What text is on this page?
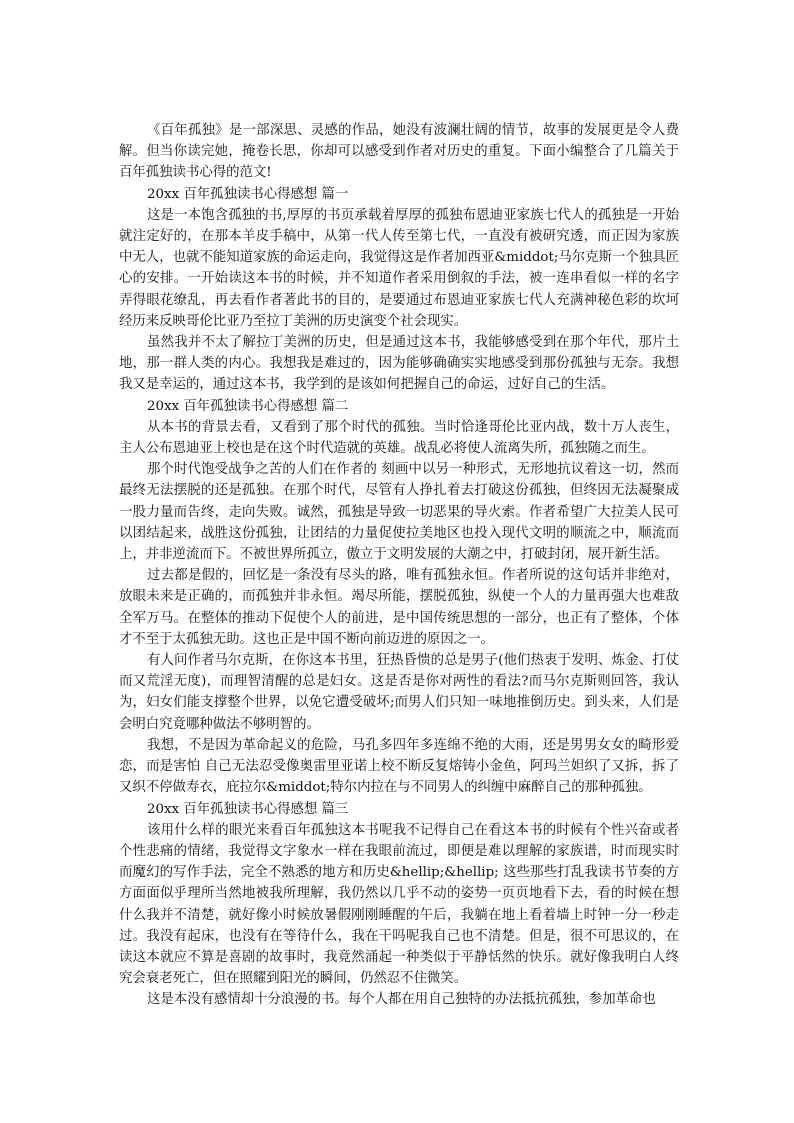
《百年孤独》是一部深思、灵感的作品，她没有波澜壮阔的情节，故事的发展更是令人费解。但当你读完她，掩卷长思，你却可以感受到作者对历史的重复。下面小编整合了几篇关于百年孤独读书心得的范文!

20xx 百年孤独读书心得感想 篇一

这是一本饱含孤独的书,厚厚的书页承载着厚厚的孤独布恩迪亚家族七代人的孤独是一开始就注定好的，在那本羊皮手稿中，从第一代人传至第七代，一直没有被研究透，而正因为家族中无人，也就不能知道家族的命运走向，我觉得这是作者加西亚&middot;马尔克斯一个独具匠心的安排。一开始读这本书的时候，并不知道作者采用倒叙的手法，被一连串看似一样的名字弄得眼花缭乱，再去看作者著此书的目的，是要通过布恩迪亚家族七代人充满神秘色彩的坎坷经历来反映哥伦比亚乃至拉丁美洲的历史演变个社会现实。

虽然我并不太了解拉丁美洲的历史，但是通过这本书，我能够感受到在那个年代，那片土地，那一群人类的内心。我想我是难过的，因为能够确确实实地感受到那份孤独与无奈。我想我又是幸运的，通过这本书，我学到的是该如何把握自己的命运，过好自己的生活。

20xx 百年孤独读书心得感想 篇二

从本书的背景去看，又看到了那个时代的孤独。当时恰逢哥伦比亚内战，数十万人丧生，主人公布恩迪亚上校也是在这个时代造就的英雄。战乱必将使人流离失所，孤独随之而生。

那个时代饱受战争之苦的人们在作者的 刻画中以另一种形式，无形地抗议着这一切，然而最终无法摆脱的还是孤独。在那个时代，尽管有人挣扎着去打破这份孤独，但终因无法凝聚成一股力量而告终，走向失败。诚然，孤独是导致一切恶果的导火索。作者希望广大拉美人民可以团结起来，战胜这份孤独，让团结的力量促使拉美地区也投入现代文明的顺流之中，顺流而上，并非逆流而下。不被世界所孤立，傲立于文明发展的大潮之中，打破封闭，展开新生活。

过去都是假的，回忆是一条没有尽头的路，唯有孤独永恒。作者所说的这句话并非绝对，放眼未来是正确的，而孤独并非永恒。竭尽所能，摆脱孤独，纵使一个人的力量再强大也难敌全军万马。在整体的推动下促使个人的前进，是中国传统思想的一部分，也正有了整体，个体才不至于太孤独无助。这也正是中国不断向前迈进的原因之一。

有人问作者马尔克斯，在你这本书里，狂热昏愦的总是男子(他们热衷于发明、炼金、打仗而又荒淫无度)，而理智清醒的总是妇女。这是否是你对两性的看法?而马尔克斯则回答，我认为，妇女们能支撑整个世界，以免它遭受破坏;而男人们只知一味地推倒历史。到头来，人们是会明白究竟哪种做法不够明智的。

我想，不是因为革命起义的危险，马孔多四年多连绵不绝的大雨，还是男男女女的畸形爱恋，而是害怕 自己无法忍受像奥雷里亚诺上校不断反复熔铸小金鱼，阿玛兰妲织了又拆，拆了又织不停做寿衣，庇拉尔&middot;特尔内拉在与不同男人的纠缠中麻醉自己的那种孤独。

20xx 百年孤独读书心得感想 篇三

该用什么样的眼光来看百年孤独这本书呢我不记得自己在看这本书的时候有个性兴奋或者个性悲痛的情绪，我觉得文字象水一样在我眼前流过，即便是难以理解的家族谱，时而现实时而魔幻的写作手法，完全不熟悉的地方和历史&hellip;&hellip; 这些那些打乱我读书节奏的方方面面似乎理所当然地被我所理解，我仍然以几乎不动的姿势一页页地看下去，看的时候在想什么我并不清楚，就好像小时候放暑假刚刚睡醒的午后，我躺在地上看着墙上时钟一分一秒走过。我没有起床，也没有在等待什么，我在干吗呢我自己也不清楚。但是，很不可思议的，在读这本就应不算是喜剧的故事时，我竟然涌起一种类似于平静恬然的快乐。就好像我明白人终究会衰老死亡，但在照耀到阳光的瞬间，仍然忍不住微笑。

这是本没有感情却十分浪漫的书。每个人都在用自己独特的办法抵抗孤独，参加革命也
